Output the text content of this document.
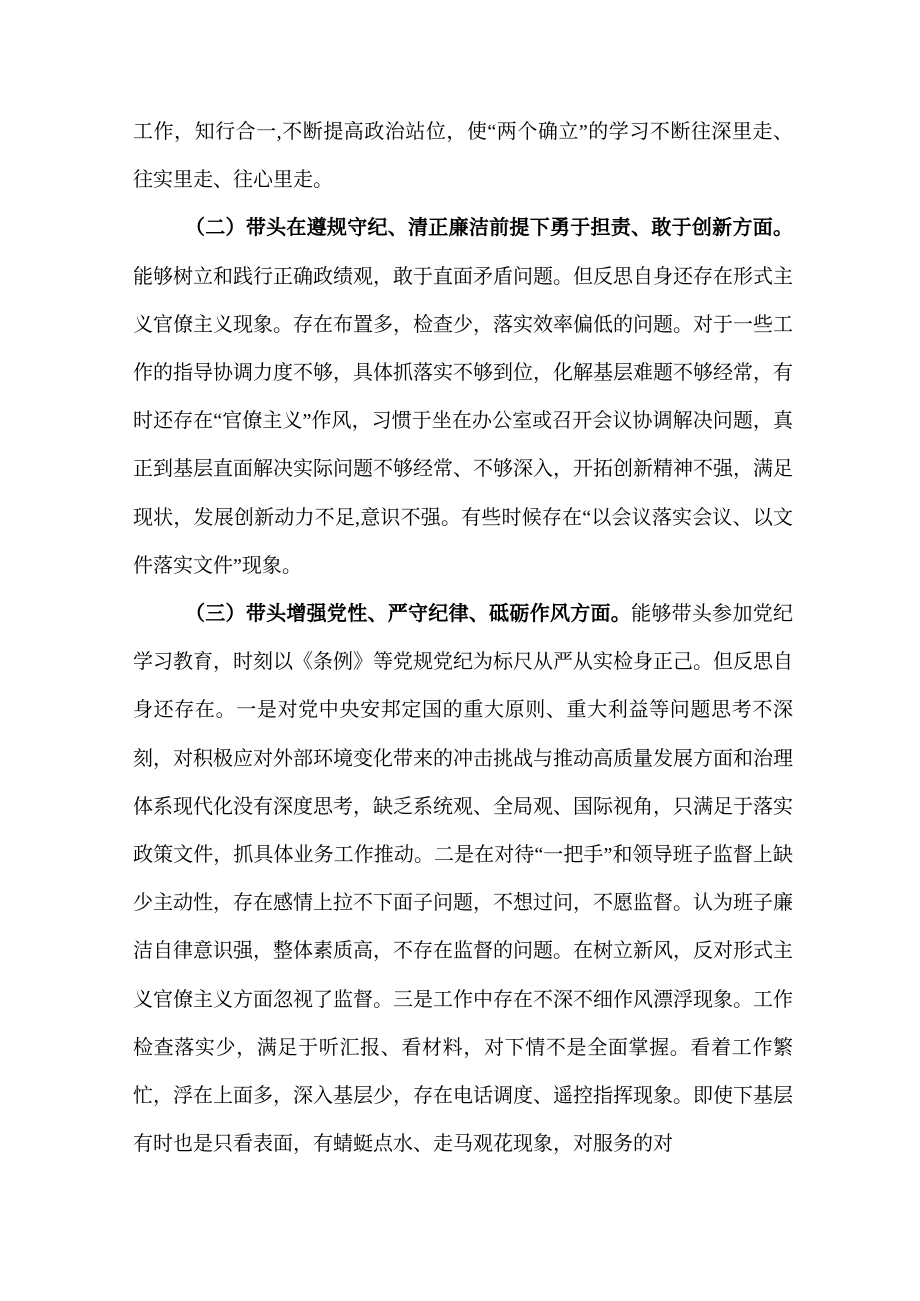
工作，知行合一,不断提高政治站位，使“两个确立”的学习不断往深里走、往实里走、往心里走。

（二）带头在遵规守纪、清正廉洁前提下勇于担责、敢于创新方面。能够树立和践行正确政绩观，敢于直面矛盾问题。但反思自身还存在形式主义官僚主义现象。存在布置多，检查少，落实效率偏低的问题。对于一些工作的指导协调力度不够，具体抓落实不够到位，化解基层难题不够经常，有时还存在“官僚主义”作风，习惯于坐在办公室或召开会议协调解决问题，真正到基层直面解决实际问题不够经常、不够深入，开拓创新精神不强，满足现状，发展创新动力不足,意识不强。有些时候存在“以会议落实会议、以文件落实文件”现象。

（三）带头增强党性、严守纪律、砥砺作风方面。能够带头参加党纪学习教育，时刻以《条例》等党规党纪为标尺从严从实检身正己。但反思自身还存在。一是对党中央安邦定国的重大原则、重大利益等问题思考不深刻，对积极应对外部环境变化带来的冲击挑战与推动高质量发展方面和治理体系现代化没有深度思考，缺乏系统观、全局观、国际视角，只满足于落实政策文件，抓具体业务工作推动。二是在对待“一把手”和领导班子监督上缺少主动性，存在感情上拉不下面子问题，不想过问，不愿监督。认为班子廉洁自律意识强，整体素质高，不存在监督的问题。在树立新风，反对形式主义官僚主义方面忽视了监督。三是工作中存在不深不细作风漂浮现象。工作检查落实少，满足于听汇报、看材料，对下情不是全面掌握。看着工作繁忙，浮在上面多，深入基层少，存在电话调度、遥控指挥现象。即使下基层有时也是只看表面，有蜻蜓点水、走马观花现象，对服务的对
